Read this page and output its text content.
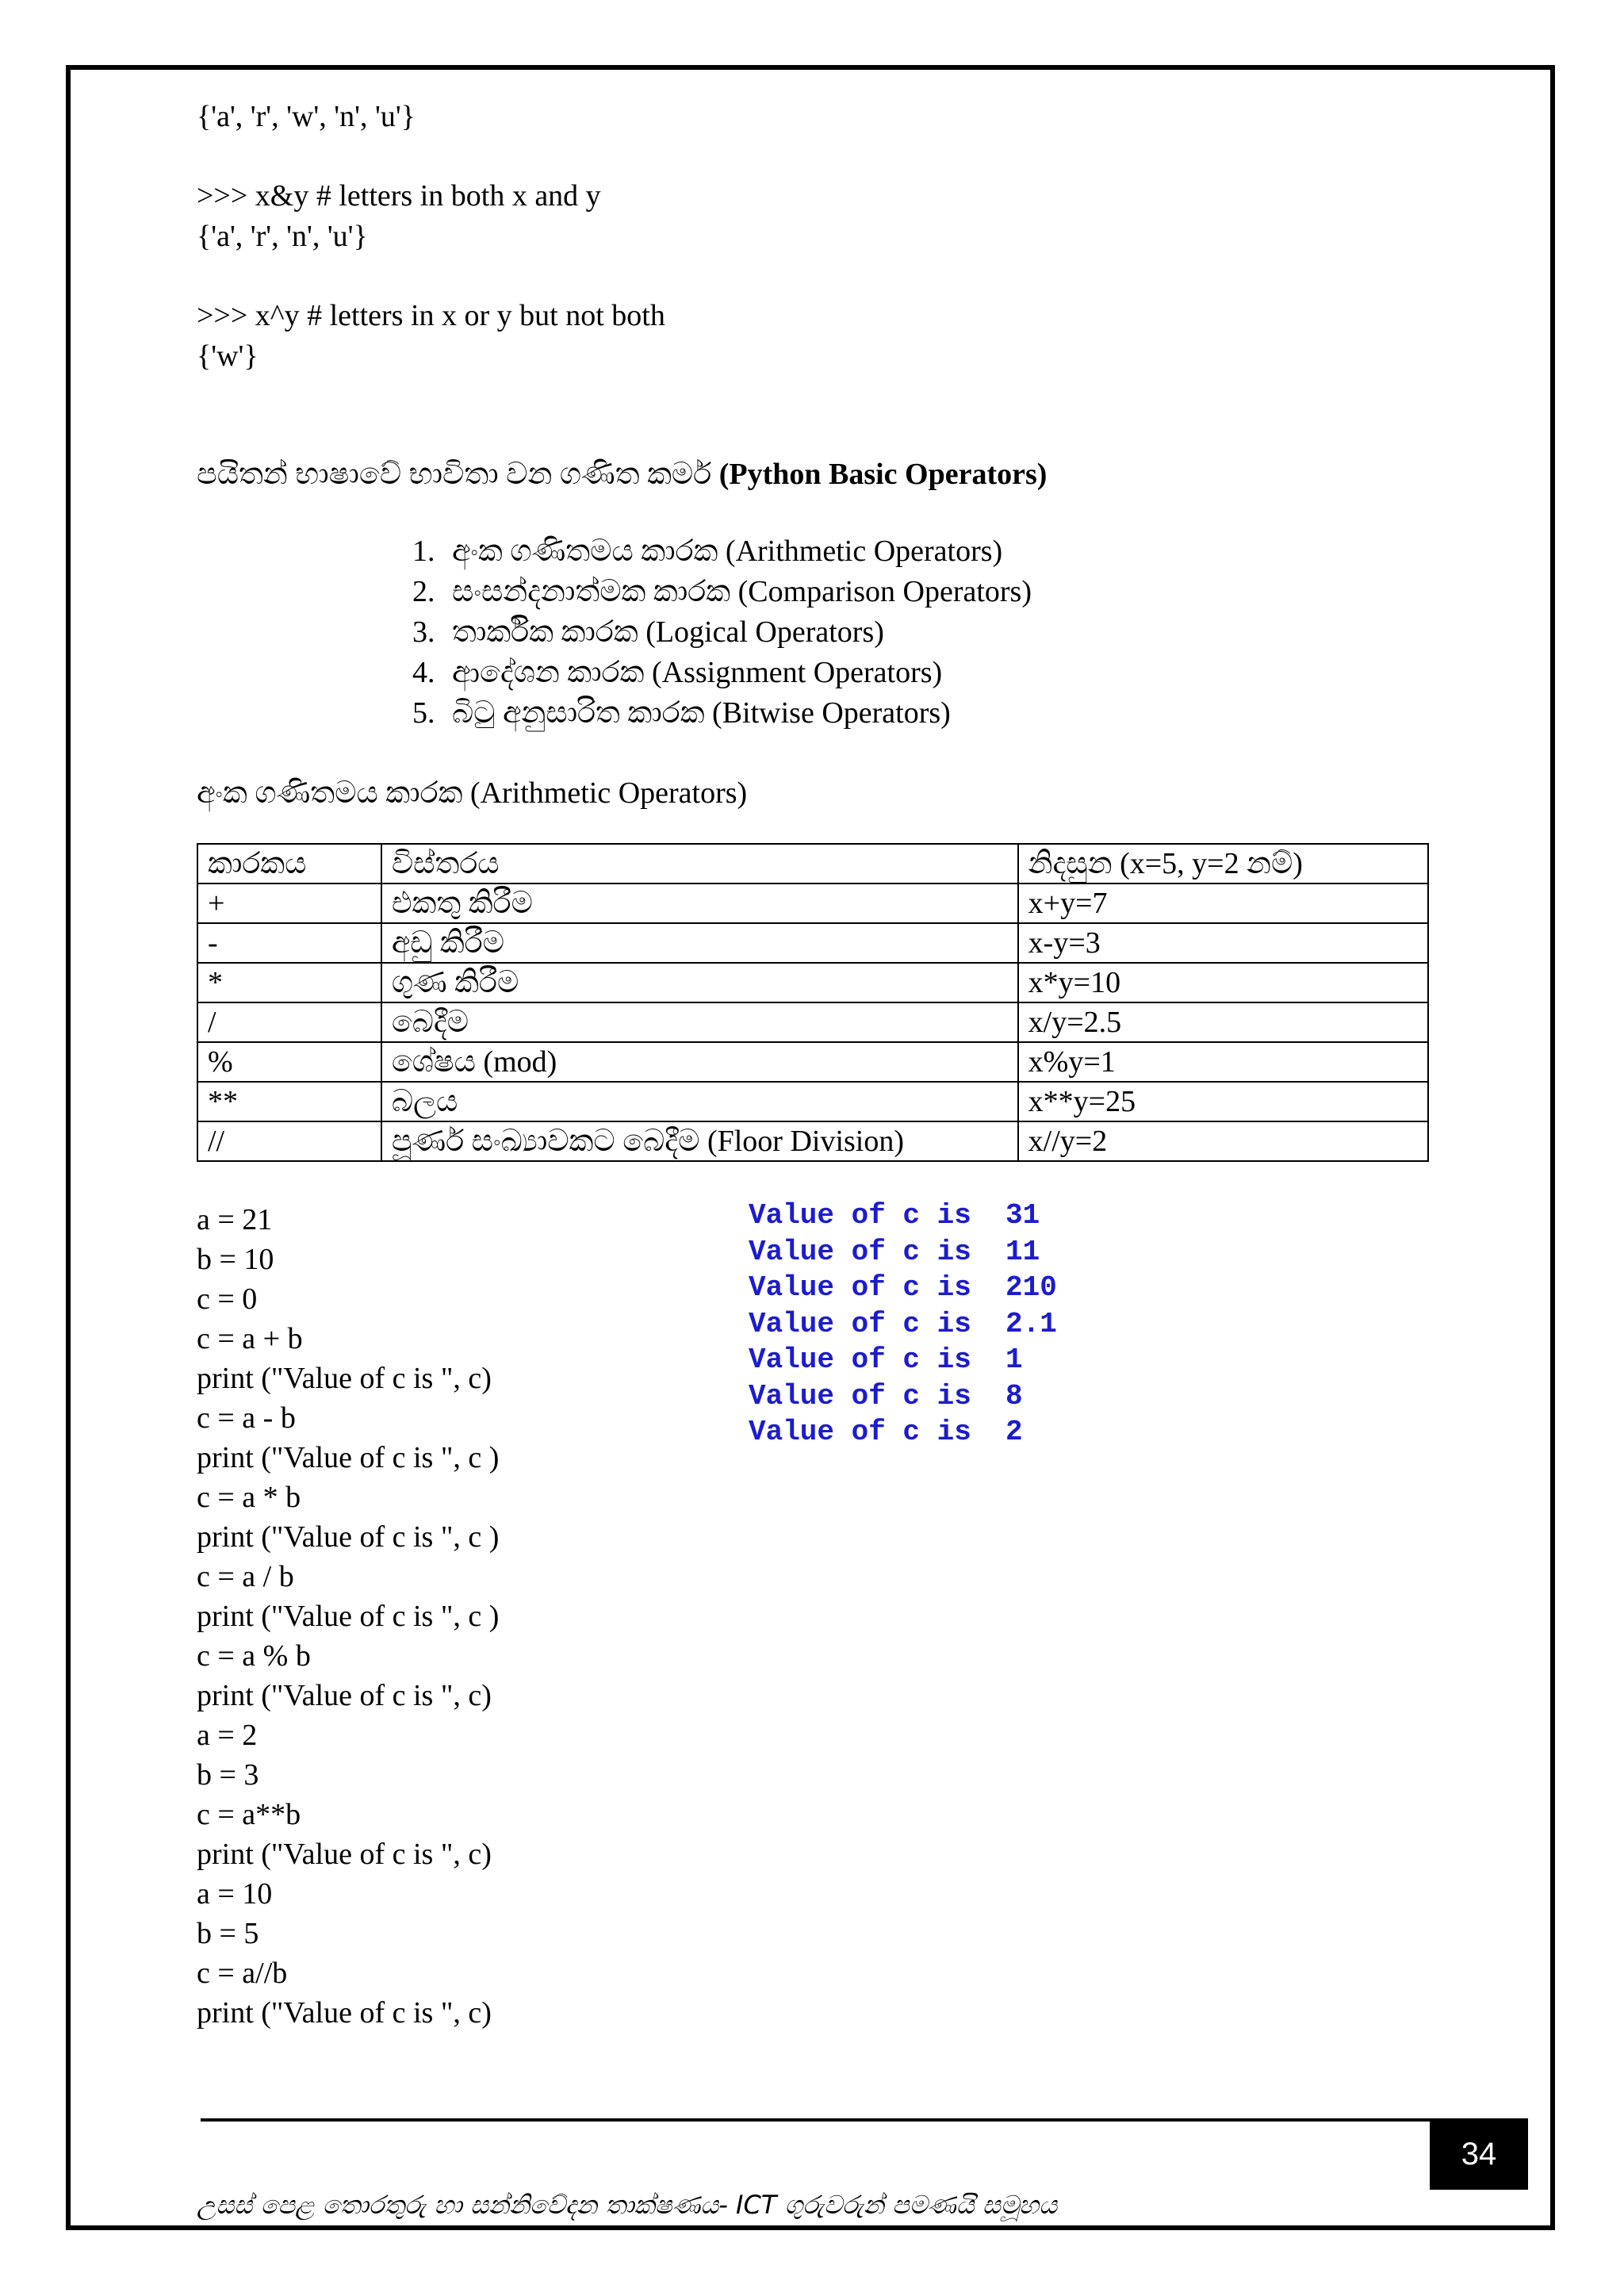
{'a', 'r', 'w', 'n', 'u'}
>>> x&y # letters in both x and y
{'a', 'r', 'n', 'u'}
>>> x^y # letters in x or y but not both
{'w'}
පයිතන් භාෂාවේ භාවිතා වන ගණිත කර්ම (Python Basic Operators)
1. අංක ගණිතමය කාරක (Arithmetic Operators)
2. සංසන්දනාත්මක කාරක (Comparison Operators)
3. තාර්කික කාරක (Logical Operators)
4. ආදේශන කාරක (Assignment Operators)
5. බිටු අනුසාරිත කාරක (Bitwise Operators)
අංක ගණිතමය කාරක (Arithmetic Operators)
කාරකය	විස්තරය	නිදසුන (x=5, y=2 නම්)
+	එකතු කිරීම	x+y=7
-	අඩු කිරීම	x-y=3
*	ගුණ කිරීම	x*y=10
/	බෙදීම	x/y=2.5
%	ශේෂය (mod)	x%y=1
**	බලය	x**y=25
//	පූර්ණ සංඛ්‍යාවකට බෙදීම (Floor Division)	x//y=2
a = 21
b = 10
c = 0
c = a + b
print ("Value of c is ", c)
c = a - b
print ("Value of c is ", c )
c = a * b
print ("Value of c is ", c )
c = a / b
print ("Value of c is ", c )
c = a % b
print ("Value of c is ", c)
a = 2
b = 3
c = a**b
print ("Value of c is ", c)
a = 10
b = 5
c = a//b
print ("Value of c is ", c)
Value of c is  31
Value of c is  11
Value of c is  210
Value of c is  2.1
Value of c is  1
Value of c is  8
Value of c is  2
34
උසස් පෙළ තොරතුරු හා සන්නිවේදන තාක්ෂණය- ICT ගුරුවරුන් පමණයි සමූහය
